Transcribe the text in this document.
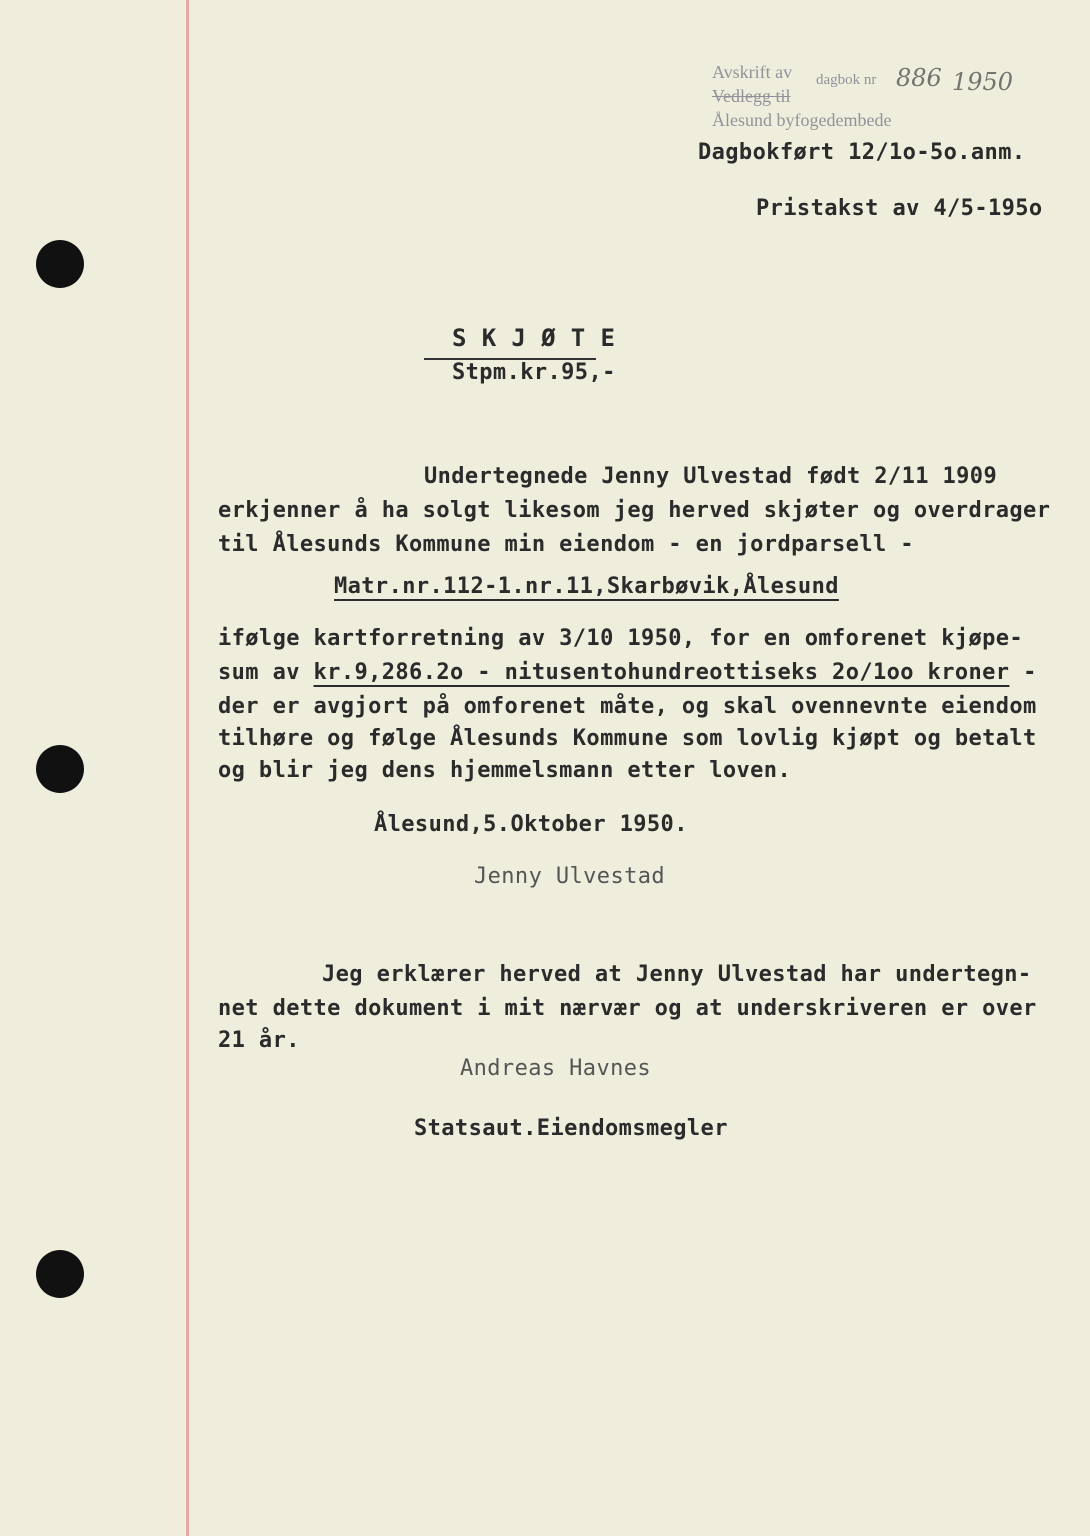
Avskrift av dagbok nr 886 1950
Vedlegg til
Ålesund byfogedembede
Dagbokført 12/1o-5o.anm.
Pristakst av 4/5-195o
S K J Ø T E
Stpm.kr.95,-
Undertegnede Jenny Ulvestad født 2/11 1909
erkjenner å ha solgt likesom jeg herved skjøter og overdrager
til Ålesunds Kommune min eiendom - en jordparsell -
Matr.nr.112-1.nr.11,Skarbøvik,Ålesund
ifølge kartforretning av 3/10 1950, for en omforenet kjøpe-
sum av kr.9,286.2o - nitusentohundreottiseks 2o/1oo kroner -
der er avgjort på omforenet måte, og skal ovennevnte eiendom
tilhøre og følge Ålesunds Kommune som lovlig kjøpt og betalt
og blir jeg dens hjemmelsmann etter loven.
Ålesund,5.Oktober 1950.
Jenny Ulvestad
Jeg erklærer herved at Jenny Ulvestad har undertegn-
net dette dokument i mit nærvær og at underskriveren er over
21 år.
Andreas Havnes
Statsaut.Eiendomsmegler
